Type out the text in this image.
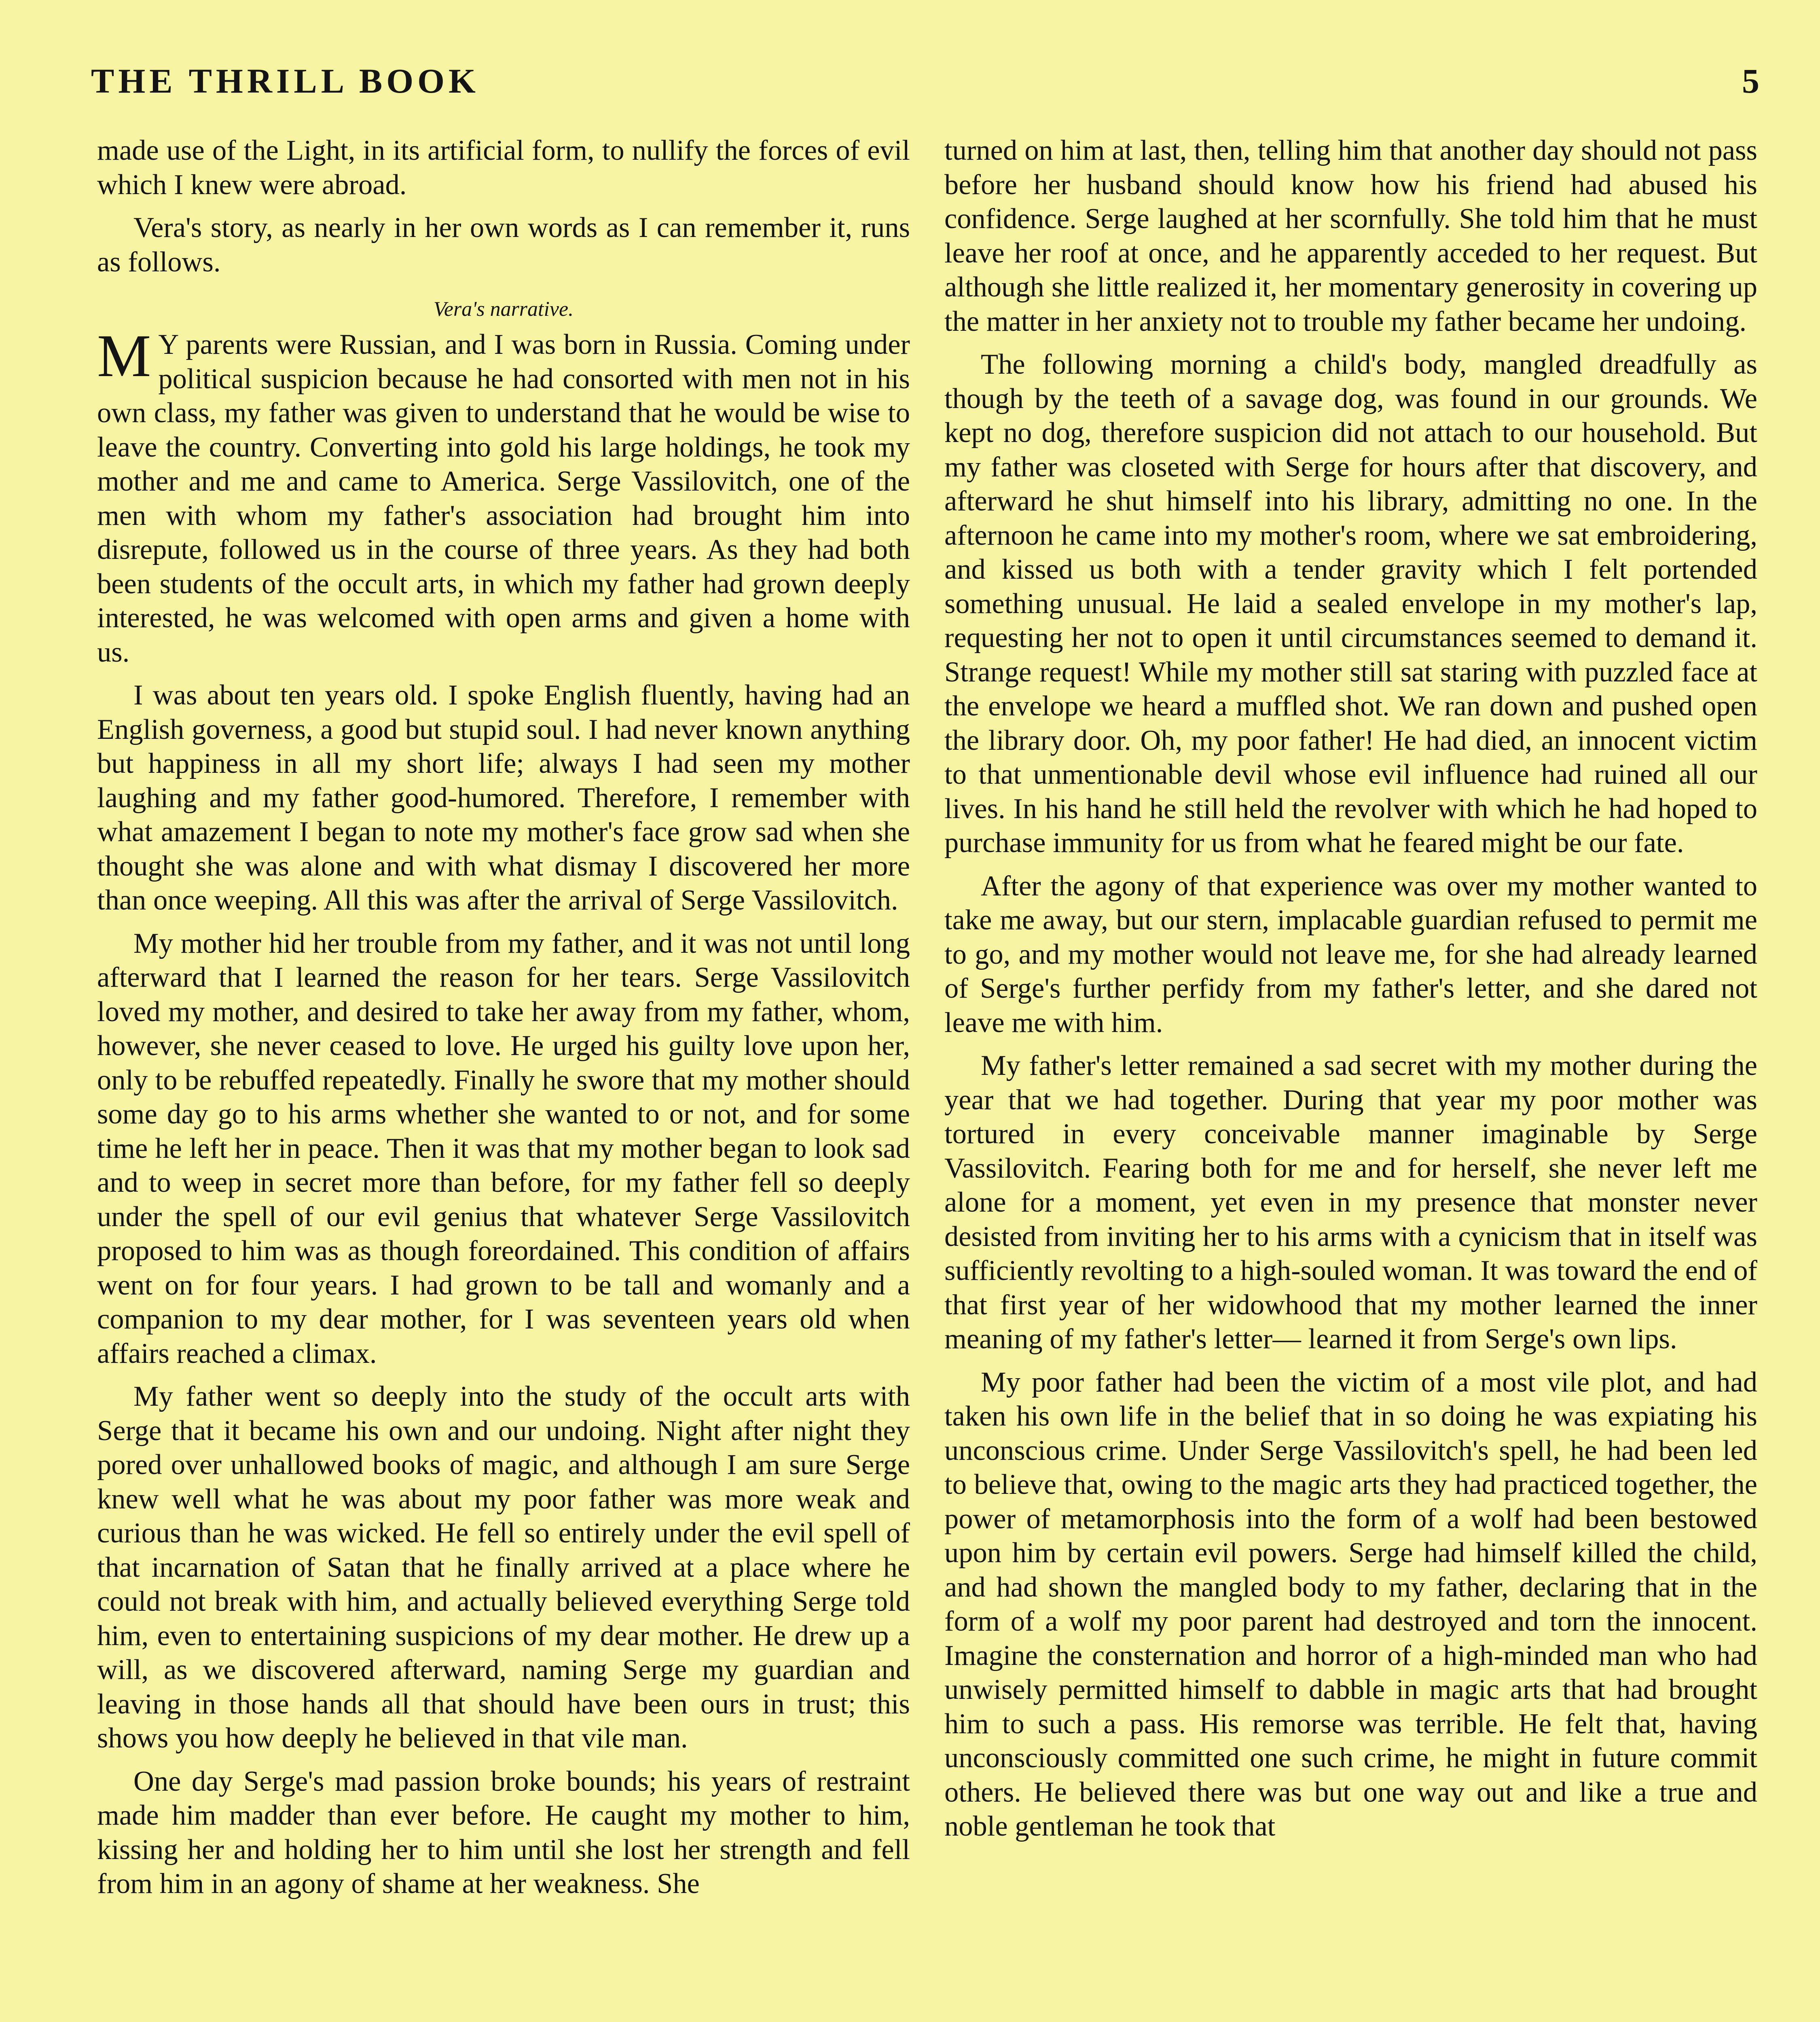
THE THRILL BOOK	5

made use of the Light, in its artificial form, to nullify the forces of evil which I knew were abroad.

Vera's story, as nearly in her own words as I can remember it, runs as follows.

Vera's narrative.

M Y parents were Russian, and I was born in Russia. Coming under political suspicion because he had consorted with men not in his own class, my father was given to understand that he would be wise to leave the country. Converting into gold his large holdings, he took my mother and me and came to America. Serge Vassilovitch, one of the men with whom my father's association had brought him into disrepute, followed us in the course of three years. As they had both been students of the occult arts, in which my father had grown deeply interested, he was welcomed with open arms and given a home with us.

I was about ten years old. I spoke English fluently, having had an English governess, a good but stupid soul. I had never known anything but happiness in all my short life; always I had seen my mother laughing and my father good-humored. Therefore, I remember with what amazement I began to note my mother's face grow sad when she thought she was alone and with what dismay I discovered her more than once weeping. All this was after the arrival of Serge Vassilovitch.

My mother hid her trouble from my father, and it was not until long afterward that I learned the reason for her tears. Serge Vassilovitch loved my mother, and desired to take her away from my father, whom, however, she never ceased to love. He urged his guilty love upon her, only to be rebuffed repeatedly. Finally he swore that my mother should some day go to his arms whether she wanted to or not, and for some time he left her in peace. Then it was that my mother began to look sad and to weep in secret more than before, for my father fell so deeply under the spell of our evil genius that whatever Serge Vassilovitch proposed to him was as though foreordained. This condition of affairs went on for four years. I had grown to be tall and womanly and a companion to my dear mother, for I was seventeen years old when affairs reached a climax.

My father went so deeply into the study of the occult arts with Serge that it became his own and our undoing. Night after night they pored over unhallowed books of magic, and although I am sure Serge knew well what he was about my poor father was more weak and curious than he was wicked. He fell so entirely under the evil spell of that incarnation of Satan that he finally arrived at a place where he could not break with him, and actually believed everything Serge told him, even to entertaining suspicions of my dear mother. He drew up a will, as we discovered afterward, naming Serge my guardian and leaving in those hands all that should have been ours in trust; this shows you how deeply he believed in that vile man.

One day Serge's mad passion broke bounds; his years of restraint made him madder than ever before. He caught my mother to him, kissing her and holding her to him until she lost her strength and fell from him in an agony of shame at her weakness. She

turned on him at last, then, telling him that another day should not pass before her husband should know how his friend had abused his confidence. Serge laughed at her scornfully. She told him that he must leave her roof at once, and he apparently acceded to her request. But although she little realized it, her momentary generosity in covering up the matter in her anxiety not to trouble my father became her undoing.

The following morning a child's body, mangled dreadfully as though by the teeth of a savage dog, was found in our grounds. We kept no dog, therefore suspicion did not attach to our household. But my father was closeted with Serge for hours after that discovery, and afterward he shut himself into his library, admitting no one. In the afternoon he came into my mother's room, where we sat embroidering, and kissed us both with a tender gravity which I felt portended something unusual. He laid a sealed envelope in my mother's lap, requesting her not to open it until circumstances seemed to demand it. Strange request! While my mother still sat staring with puzzled face at the envelope we heard a muffled shot. We ran down and pushed open the library door. Oh, my poor father! He had died, an innocent victim to that unmentionable devil whose evil influence had ruined all our lives. In his hand he still held the revolver with which he had hoped to purchase immunity for us from what he feared might be our fate.

After the agony of that experience was over my mother wanted to take me away, but our stern, implacable guardian refused to permit me to go, and my mother would not leave me, for she had already learned of Serge's further perfidy from my father's letter, and she dared not leave me with him.

My father's letter remained a sad secret with my mother during the year that we had together. During that year my poor mother was tortured in every conceivable manner imaginable by Serge Vassilovitch. Fearing both for me and for herself, she never left me alone for a moment, yet even in my presence that monster never desisted from inviting her to his arms with a cynicism that in itself was sufficiently revolting to a high-souled woman. It was toward the end of that first year of her widowhood that my mother learned the inner meaning of my father's letter— learned it from Serge's own lips.

My poor father had been the victim of a most vile plot, and had taken his own life in the belief that in so doing he was expiating his unconscious crime. Under Serge Vassilovitch's spell, he had been led to believe that, owing to the magic arts they had practiced together, the power of metamorphosis into the form of a wolf had been bestowed upon him by certain evil powers. Serge had himself killed the child, and had shown the mangled body to my father, declaring that in the form of a wolf my poor parent had destroyed and torn the innocent. Imagine the consternation and horror of a high-minded man who had unwisely permitted himself to dabble in magic arts that had brought him to such a pass. His remorse was terrible. He felt that, having unconsciously committed one such crime, he might in future commit others. He believed there was but one way out and like a true and noble gentleman he took that
